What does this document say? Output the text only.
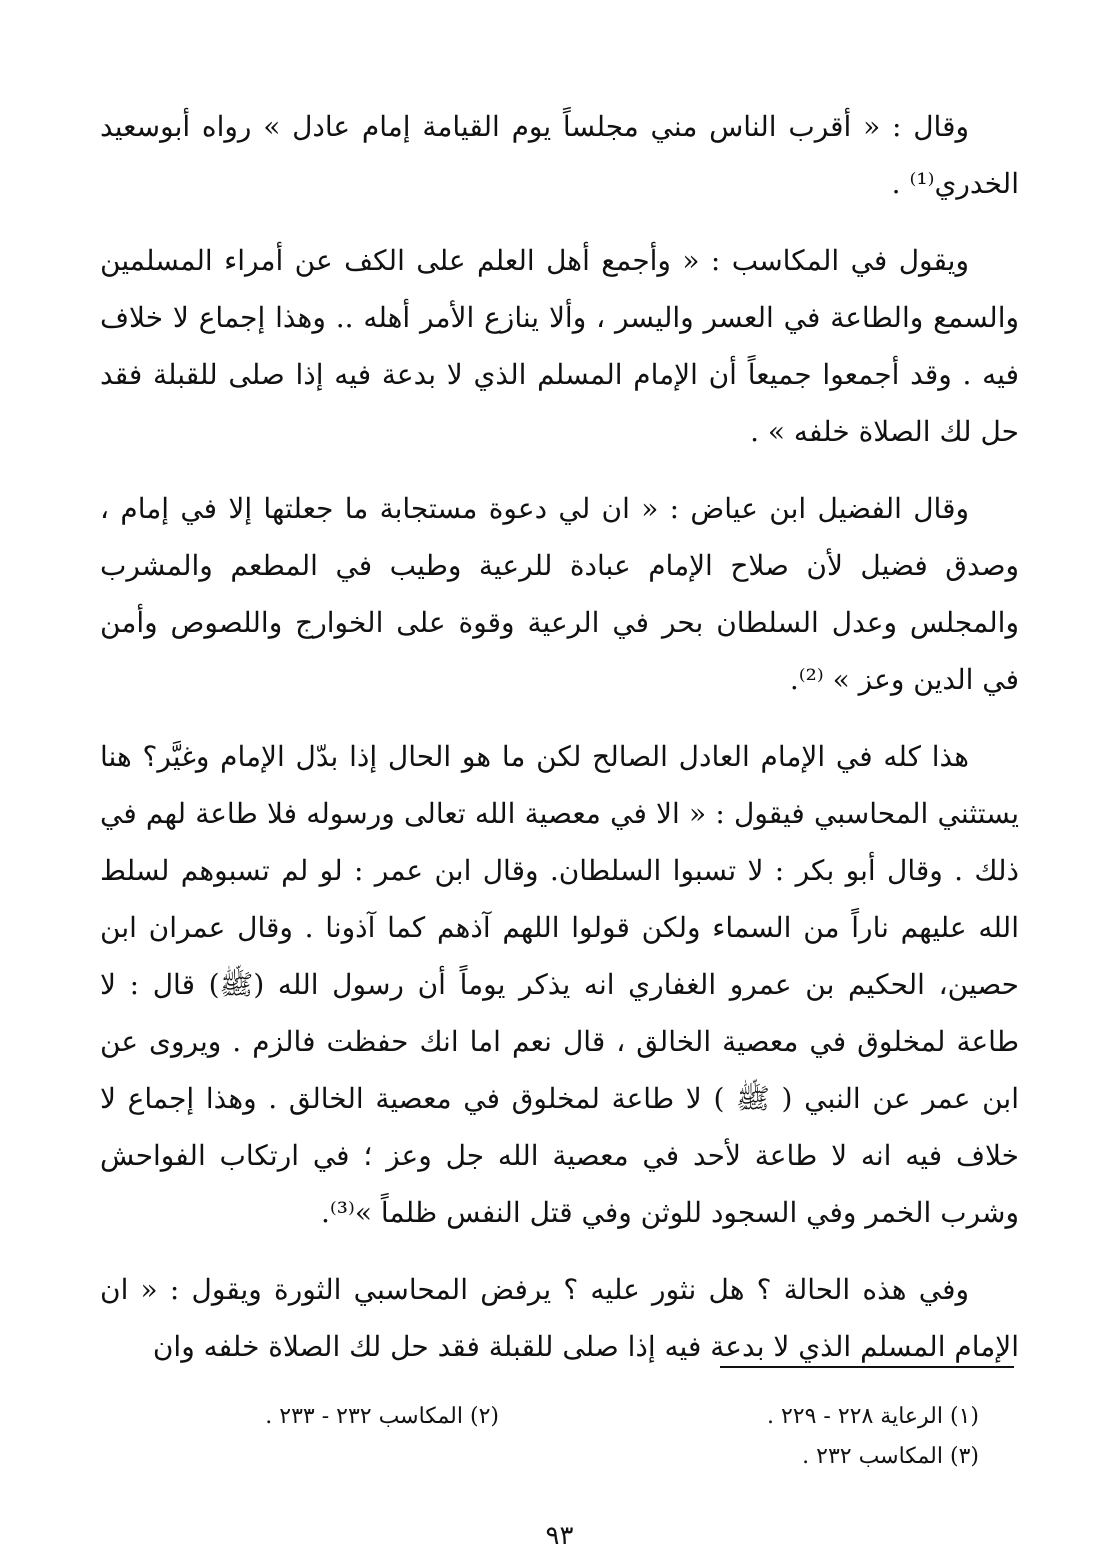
وقال : « أقرب الناس مني مجلساً يوم القيامة إمام عادل » رواه أبوسعيد الخدري⁽¹⁾ .

ويقول في المكاسب : « وأجمع أهل العلم على الكف عن أمراء المسلمين والسمع والطاعة في العسر واليسر ، وألا ينازع الأمر أهله .. وهذا إجماع لا خلاف فيه . وقد أجمعوا جميعاً أن الإمام المسلم الذي لا بدعة فيه إذا صلى للقبلة فقد حل لك الصلاة خلفه » .

وقال الفضيل ابن عياض : « ان لي دعوة مستجابة ما جعلتها إلا في إمام ، وصدق فضيل لأن صلاح الإمام عبادة للرعية وطيب في المطعم والمشرب والمجلس وعدل السلطان بحر في الرعية وقوة على الخوارج واللصوص وأمن في الدين وعز » ⁽²⁾.

هذا كله في الإمام العادل الصالح لكن ما هو الحال إذا بدّل الإمام وغيَّر؟ هنا يستثني المحاسبي فيقول : « الا في معصية الله تعالى ورسوله فلا طاعة لهم في ذلك . وقال أبو بكر : لا تسبوا السلطان. وقال ابن عمر : لو لم تسبوهم لسلط الله عليهم ناراً من السماء ولكن قولوا اللهم آذهم كما آذونا . وقال عمران ابن حصين، الحكيم بن عمرو الغفاري انه يذكر يوماً أن رسول الله (ﷺ) قال : لا طاعة لمخلوق في معصية الخالق ، قال نعم اما انك حفظت فالزم . ويروى عن ابن عمر عن النبي ( ﷺ ) لا طاعة لمخلوق في معصية الخالق . وهذا إجماع لا خلاف فيه انه لا طاعة لأحد في معصية الله جل وعز ؛ في ارتكاب الفواحش وشرب الخمر وفي السجود للوثن وفي قتل النفس ظلماً »⁽³⁾.

وفي هذه الحالة ؟ هل نثور عليه ؟ يرفض المحاسبي الثورة ويقول : « ان الإمام المسلم الذي لا بدعة فيه إذا صلى للقبلة فقد حل لك الصلاة خلفه وان

(١) الرعاية ٢٢٨ - ٢٢٩ .
(٢) المكاسب ٢٣٢ - ٢٣٣ .
(٣) المكاسب ٢٣٢ .
٩٣
